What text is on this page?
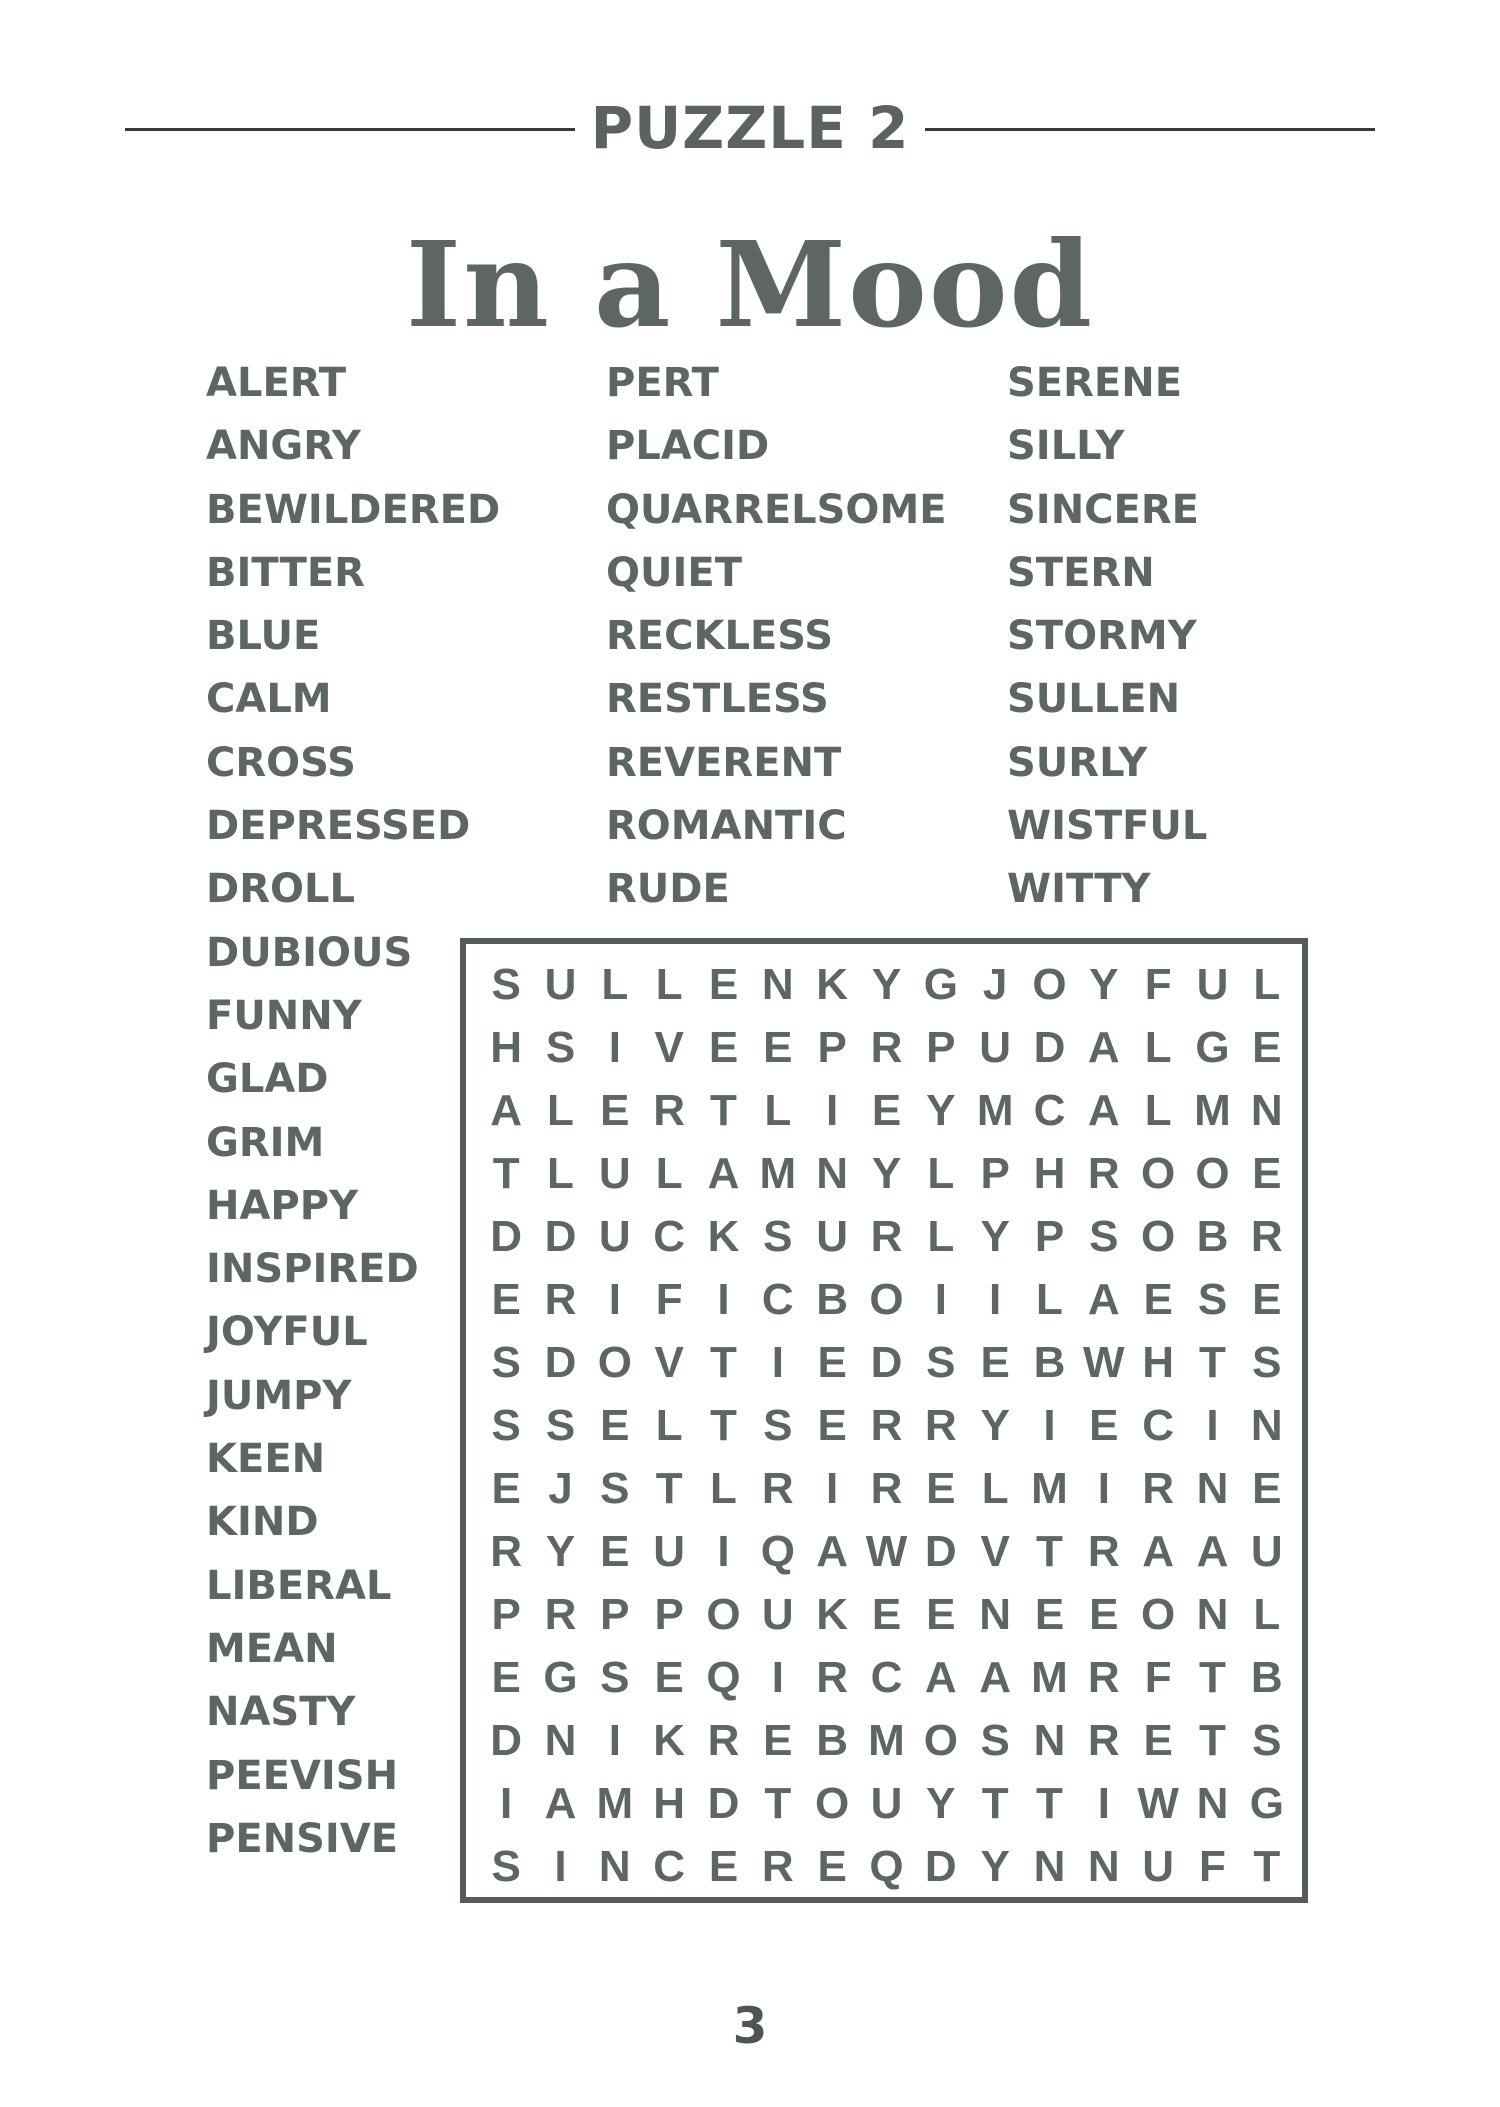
PUZZLE 2
In a Mood
ALERT
ANGRY
BEWILDERED
BITTER
BLUE
CALM
CROSS
DEPRESSED
DROLL
DUBIOUS
FUNNY
GLAD
GRIM
HAPPY
INSPIRED
JOYFUL
JUMPY
KEEN
KIND
LIBERAL
MEAN
NASTY
PEEVISH
PENSIVE
PERT
PLACID
QUARRELSOME
QUIET
RECKLESS
RESTLESS
REVERENT
ROMANTIC
RUDE
SERENE
SILLY
SINCERE
STERN
STORMY
SULLEN
SURLY
WISTFUL
WITTY
S U L L E N K Y G J O Y F U L
H S I V E E P R P U D A L G E
A L E R T L I E Y M C A L M N
T L U L A M N Y L P H R O O E
D D U C K S U R L Y P S O B R
E R I F I C B O I I L A E S E
S D O V T I E D S E B W H T S
S S E L T S E R R Y I E C I N
E J S T L R I R E L M I R N E
R Y E U I Q A W D V T R A A U
P R P P O U K E E N E E O N L
E G S E Q I R C A A M R F T B
D N I K R E B M O S N R E T S
I A M H D T O U Y T T I W N G
S I N C E R E Q D Y N N U F T
3
